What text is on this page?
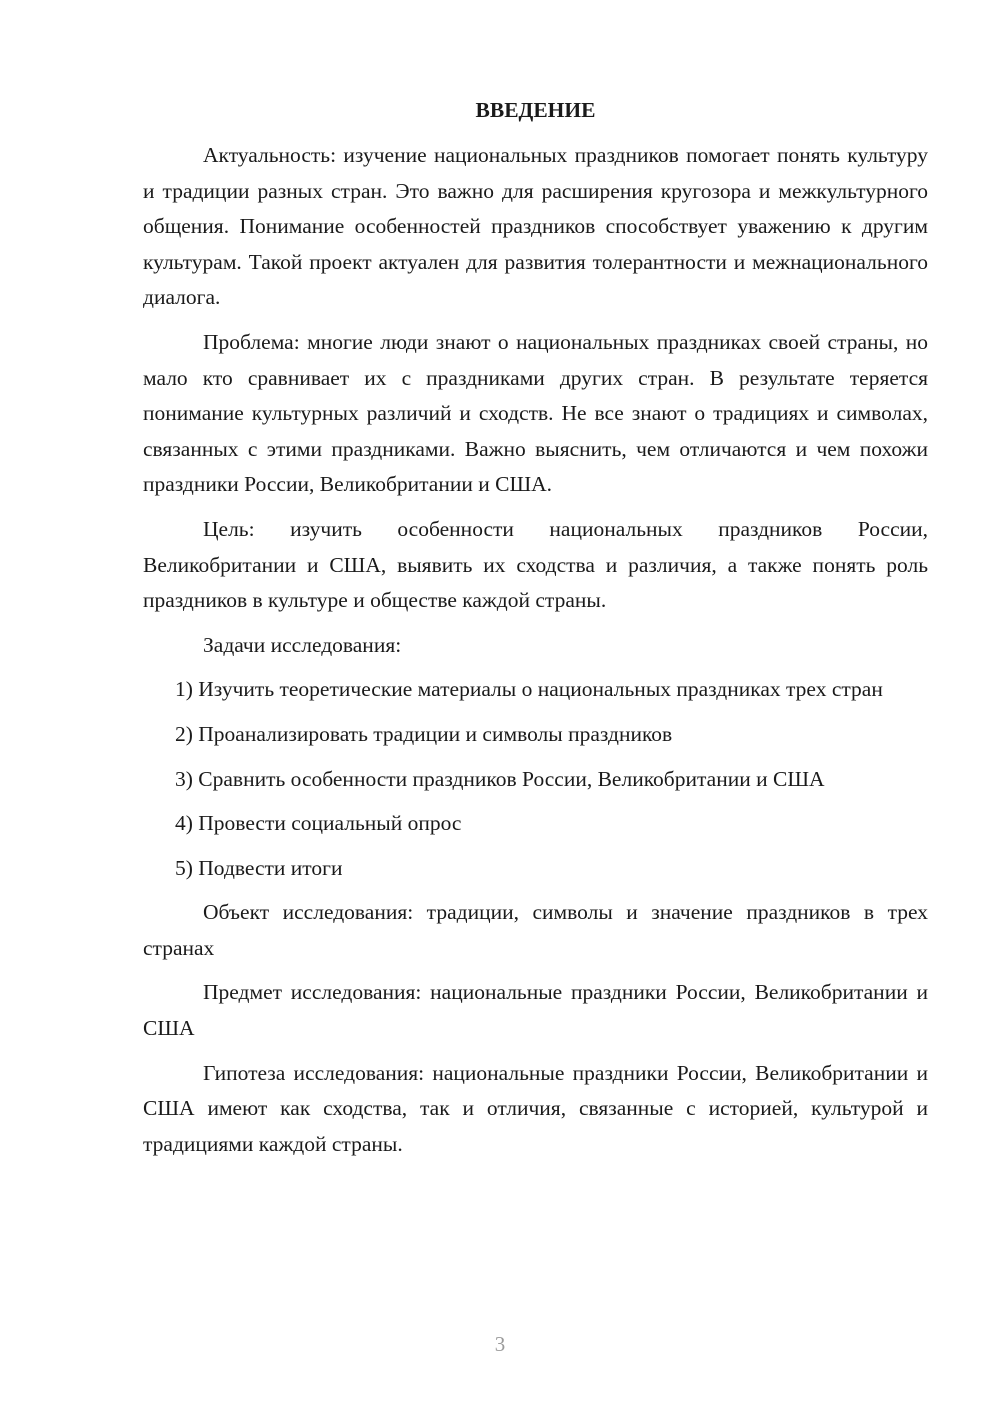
ВВЕДЕНИЕ

Актуальность: изучение национальных праздников помогает понять культуру и традиции разных стран. Это важно для расширения кругозора и межкультурного общения. Понимание особенностей праздников способствует уважению к другим культурам. Такой проект актуален для развития толерантности и межнационального диалога.

Проблема: многие люди знают о национальных праздниках своей страны, но мало кто сравнивает их с праздниками других стран. В результате теряется понимание культурных различий и сходств. Не все знают о традициях и символах, связанных с этими праздниками. Важно выяснить, чем отличаются и чем похожи праздники России, Великобритании и США.

Цель: изучить особенности национальных праздников России, Великобритании и США, выявить их сходства и различия, а также понять роль праздников в культуре и обществе каждой страны.

Задачи исследования:

1) Изучить теоретические материалы о национальных праздниках трех стран

2) Проанализировать традиции и символы праздников

3) Сравнить особенности праздников России, Великобритании и США

4) Провести социальный опрос

5) Подвести итоги

Объект исследования: традиции, символы и значение праздников в трех странах

Предмет исследования: национальные праздники России, Великобритании и США

Гипотеза исследования: национальные праздники России, Великобритании и США имеют как сходства, так и отличия, связанные с историей, культурой и традициями каждой страны.

3
